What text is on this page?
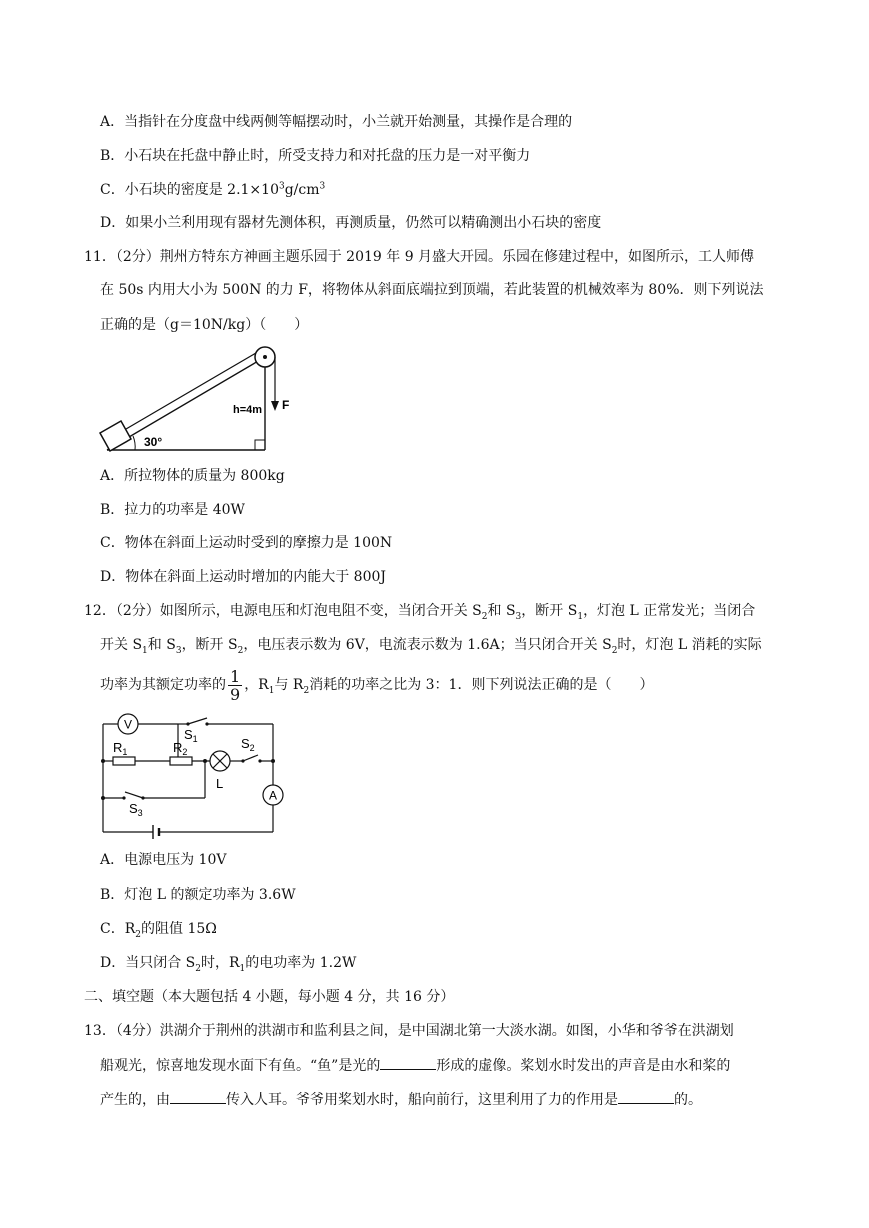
A．当指针在分度盘中线两侧等幅摆动时，小兰就开始测量，其操作是合理的
B．小石块在托盘中静止时，所受支持力和对托盘的压力是一对平衡力
C．小石块的密度是 $2.1\times 10^3g/cm^3$
D．如果小兰利用现有器材先测体积，再测质量，仍然可以精确测出小石块的密度
11．（2分）荆州方特东方神画主题乐园于 2019 年 9 月盛大开园。乐园在修建过程中，如图所示，工人师傅
在 50s 内用大小为 500N 的力 F，将物体从斜面底端拉到顶端，若此装置的机械效率为 80%．则下列说法
正确的是（g＝10N/kg）（　　）
h=4m F
30°
A．所拉物体的质量为 800kg
B．拉力的功率是 40W
C．物体在斜面上运动时受到的摩擦力是 100N
D．物体在斜面上运动时增加的内能大于 800J
12．（2分）如图所示，电源电压和灯泡电阻不变，当闭合开关 $S_2$和 $S_3$，断开 $S_1$，灯泡 L 正常发光；当闭合
开关 $S_1$和 $S_3$，断开 $S_2$，电压表示数为 6V，电流表示数为 1.6A；当只闭合开关 $S_2$时，灯泡 L 消耗的实际
功率为其额定功率的 $\frac{1}{9}$ ，$R_1$与 $R_2$消耗的功率之比为 3：1．则下列说法正确的是（　　）
V
A
$R_1$	$R_2$
L
$S_1$	$S_2$
$S_3$
A．电源电压为 10V
B．灯泡 L 的额定功率为 3.6W
C．$R_2$的阻值 15Ω
D．当只闭合 $S_2$时，$R_1$的电功率为 1.2W
二、填空题（本大题包括 4 小题，每小题 4 分，共 16 分）
13．（4分）洪湖介于荆州的洪湖市和监利县之间，是中国湖北第一大淡水湖。如图，小华和爷爷在洪湖划
船观光，惊喜地发现水面下有鱼。“鱼”是光的	形成的虚像。桨划水时发出的声音是由水和桨的
产生的，由	传入人耳。爷爷用桨划水时，船向前行，这里利用了力的作用是	的。
